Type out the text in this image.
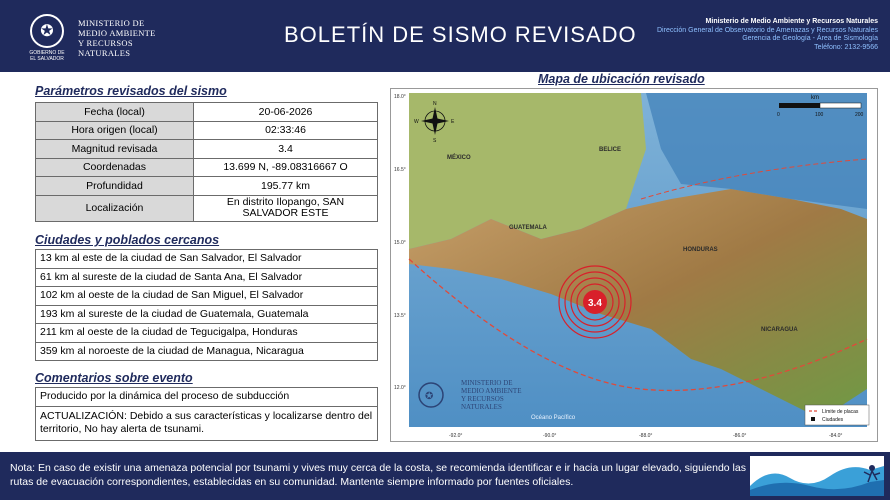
✪
GOBIERNO DE
EL SALVADOR
MINISTERIO DE
MEDIO AMBIENTE
Y RECURSOS
NATURALES
BOLETÍN DE SISMO REVISADO
Ministerio de Medio Ambiente y Recursos Naturales
Dirección General de Observatorio de Amenazas y Recursos Naturales
Gerencia de Geología - Área de Sismología
Teléfono: 2132-9566
Parámetros revisados del sismo
Fecha (local)	20-06-2026
Hora origen (local)	02:33:46
Magnitud revisada	3.4
Coordenadas	13.699 N, -89.08316667 O
Profundidad	195.77 km
Localización	En distrito Ilopango, SAN SALVADOR ESTE
Ciudades y poblados cercanos
13 km al este de la ciudad de San Salvador, El Salvador
61 km al sureste de la ciudad de Santa Ana, El Salvador
102 km al oeste de la ciudad de San Miguel, El Salvador
193 km al sureste de la ciudad de Guatemala, Guatemala
211 km al oeste de la ciudad de Tegucigalpa, Honduras
359 km al noroeste de la ciudad de Managua, Nicaragua
Comentarios sobre evento
Producido por la dinámica del proceso de subducción
ACTUALIZACIÓN: Debido a sus características y localizarse dentro del territorio, No hay alerta de tsunami.
Mapa de ubicación revisado
18.0°
16.5°
15.0°
13.5°
12.0°
-92.0°	-90.0°	-88.0°	-86.0°	-84.0°
MÉXICO
BELICE
GUATEMALA
HONDURAS
NICARAGUA
Océano Pacífico
N
S
E
W
km
0	100	200
3.4
✪
MINISTERIO DE
MEDIO AMBIENTE
Y RECURSOS
NATURALES
Límite de placas
Ciudades
Nota: En caso de existir una amenaza potencial por tsunami y vives muy cerca de la costa, se recomienda identificar e ir hacia un lugar elevado, siguiendo las rutas de evacuación correspondientes, establecidas en su comunidad. Mantente siempre informado por fuentes oficiales.
